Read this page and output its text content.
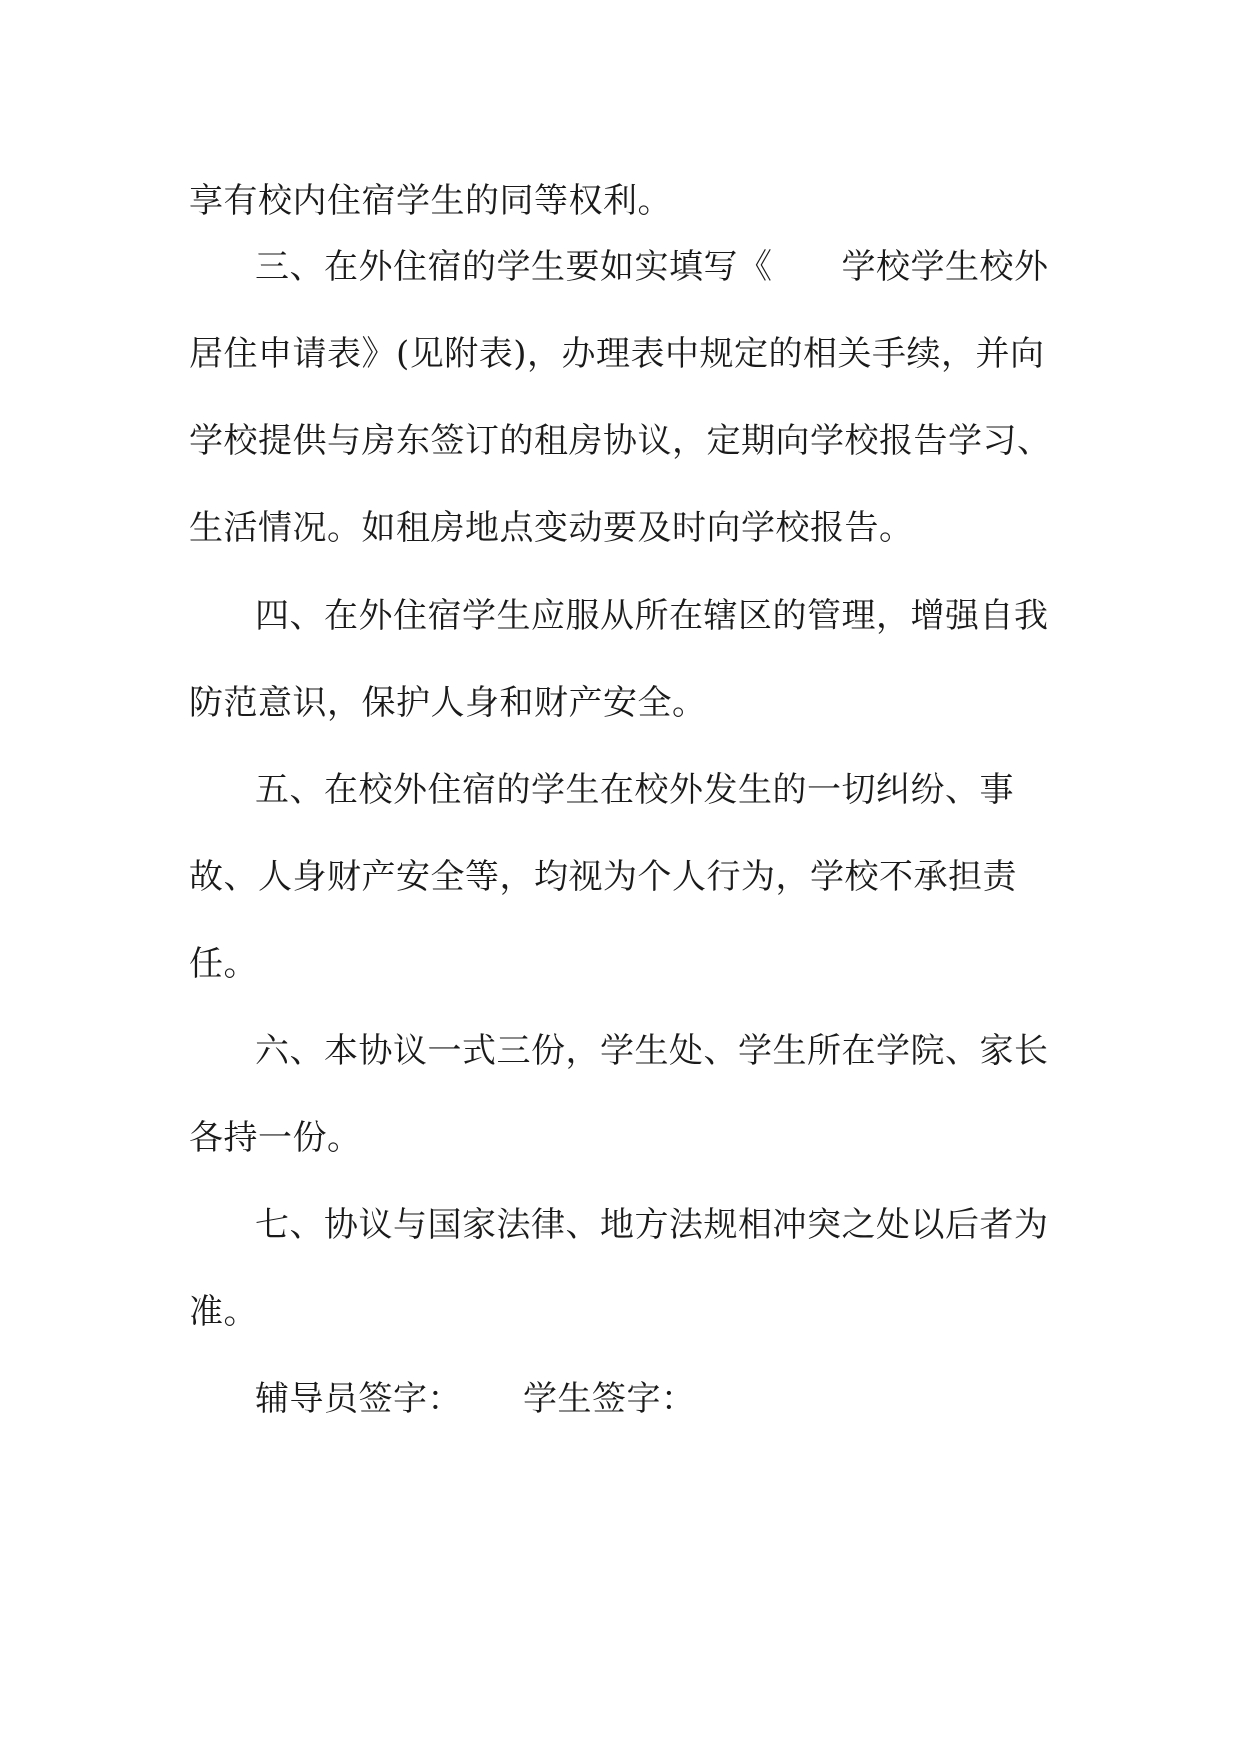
享有校内住宿学生的同等权利。
三、在外住宿的学生要如实填写《　　学校学生校外
居住申请表》(见附表)，办理表中规定的相关手续，并向
学校提供与房东签订的租房协议，定期向学校报告学习、
生活情况。如租房地点变动要及时向学校报告。
四、在外住宿学生应服从所在辖区的管理，增强自我
防范意识，保护人身和财产安全。
五、在校外住宿的学生在校外发生的一切纠纷、事
故、人身财产安全等，均视为个人行为，学校不承担责
任。
六、本协议一式三份，学生处、学生所在学院、家长
各持一份。
七、协议与国家法律、地方法规相冲突之处以后者为
准。
辅导员签字： 学生签字：
